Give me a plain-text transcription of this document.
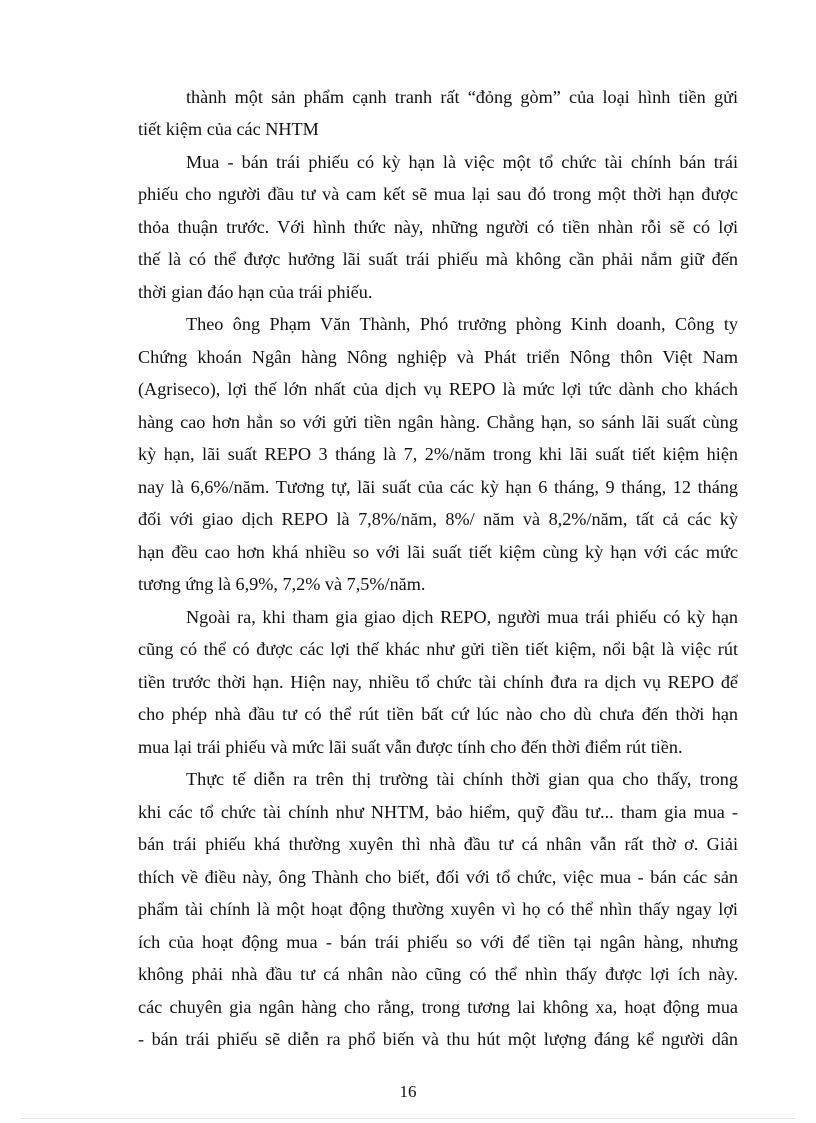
thành một sản phẩm cạnh tranh rất “đỏng gòm” của loại hình tiền gửi
tiết kiệm của các NHTM
Mua - bán trái phiếu có kỳ hạn là việc một tổ chức tài chính bán trái
phiếu cho người đầu tư và cam kết sẽ mua lại sau đó trong một thời hạn được
thỏa thuận trước. Với hình thức này, những người có tiền nhàn rỗi sẽ có lợi
thế là có thể được hưởng lãi suất trái phiếu mà không cần phải nắm giữ đến
thời gian đáo hạn của trái phiếu.
Theo ông Phạm Văn Thành, Phó trưởng phòng Kinh doanh, Công ty
Chứng khoán Ngân hàng Nông nghiệp và Phát triển Nông thôn Việt Nam
(Agriseco), lợi thế lớn nhất của dịch vụ REPO là mức lợi tức dành cho khách
hàng cao hơn hẳn so với gửi tiền ngân hàng. Chẳng hạn, so sánh lãi suất cùng
kỳ hạn, lãi suất REPO 3 tháng là 7, 2%/năm trong khi lãi suất tiết kiệm hiện
nay là 6,6%/năm. Tương tự, lãi suất của các kỳ hạn 6 tháng, 9 tháng, 12 tháng
đối với giao dịch REPO là 7,8%/năm, 8%/ năm và 8,2%/năm, tất cả các kỳ
hạn đều cao hơn khá nhiều so với lãi suất tiết kiệm cùng kỳ hạn với các mức
tương ứng là 6,9%, 7,2% và 7,5%/năm.
Ngoài ra, khi tham gia giao dịch REPO, người mua trái phiếu có kỳ hạn
cũng có thể có được các lợi thế khác như gửi tiền tiết kiệm, nổi bật là việc rút
tiền trước thời hạn. Hiện nay, nhiều tổ chức tài chính đưa ra dịch vụ REPO để
cho phép nhà đầu tư có thể rút tiền bất cứ lúc nào cho dù chưa đến thời hạn
mua lại trái phiếu và mức lãi suất vẫn được tính cho đến thời điểm rút tiền.
Thực tế diễn ra trên thị trường tài chính thời gian qua cho thấy, trong
khi các tổ chức tài chính như NHTM, bảo hiểm, quỹ đầu tư... tham gia mua -
bán trái phiếu khá thường xuyên thì nhà đầu tư cá nhân vẫn rất thờ ơ. Giải
thích về điều này, ông Thành cho biết, đối với tổ chức, việc mua - bán các sản
phẩm tài chính là một hoạt động thường xuyên vì họ có thể nhìn thấy ngay lợi
ích của hoạt động mua - bán trái phiếu so với để tiền tại ngân hàng, nhưng
không phải nhà đầu tư cá nhân nào cũng có thể nhìn thấy được lợi ích này.
các chuyên gia ngân hàng cho rằng, trong tương lai không xa, hoạt động mua
- bán trái phiếu sẽ diễn ra phổ biến và thu hút một lượng đáng kể người dân
16
